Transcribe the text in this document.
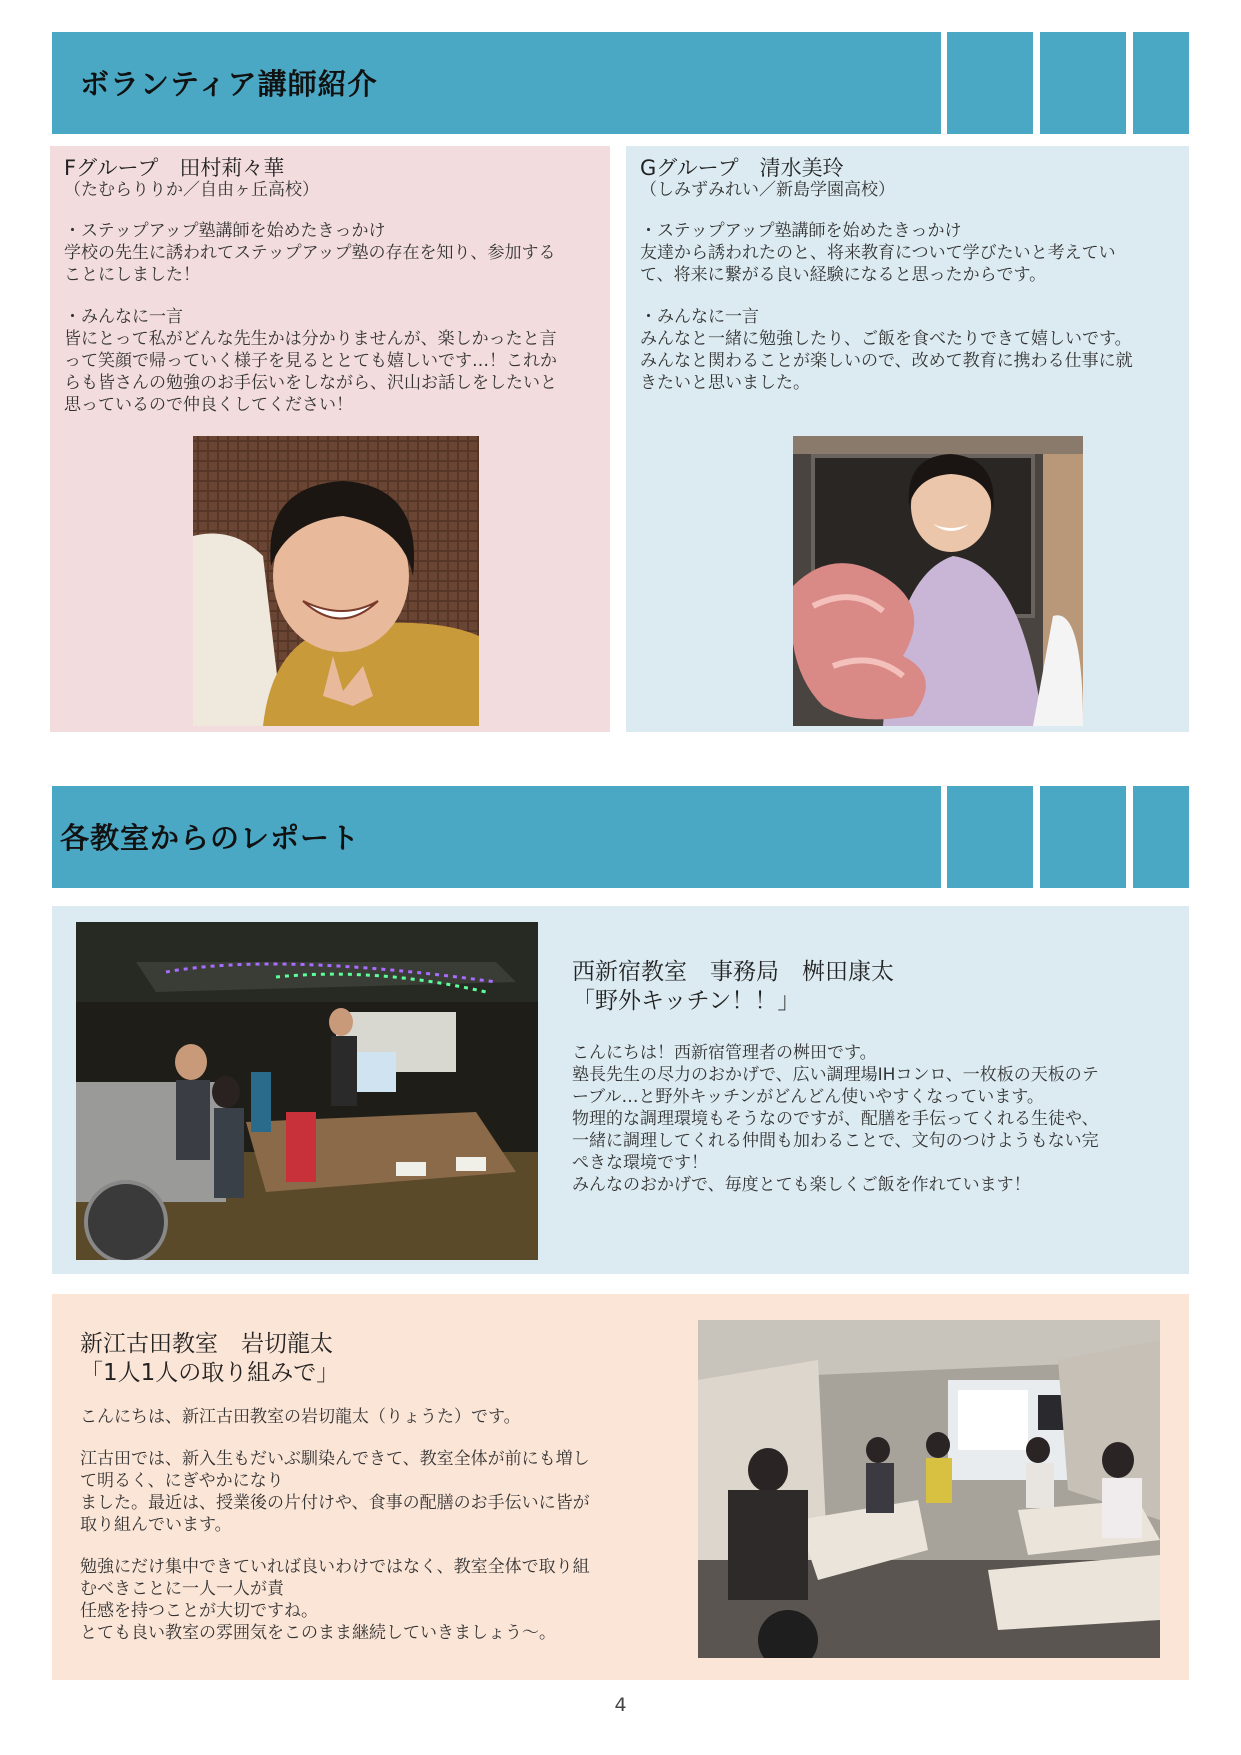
ボランティア講師紹介
Fグループ　田村莉々華
（たむらりりか／自由ヶ丘高校）
・ステップアップ塾講師を始めたきっかけ
学校の先生に誘われてステップアップ塾の存在を知り、参加する
ことにしました！
・みんなに一言
皆にとって私がどんな先生かは分かりませんが、楽しかったと言
って笑顔で帰っていく様子を見るととても嬉しいです…！これか
らも皆さんの勉強のお手伝いをしながら、沢山お話しをしたいと
思っているので仲良くしてください！
Gグループ　清水美玲
（しみずみれい／新島学園高校）
・ステップアップ塾講師を始めたきっかけ
友達から誘われたのと、将来教育について学びたいと考えてい
て、将来に繋がる良い経験になると思ったからです。
・みんなに一言
みんなと一緒に勉強したり、ご飯を食べたりできて嬉しいです。
みんなと関わることが楽しいので、改めて教育に携わる仕事に就
きたいと思いました。
各教室からのレポート
西新宿教室　事務局　桝田康太
「野外キッチン！！」
こんにちは！西新宿管理者の桝田です。
塾長先生の尽力のおかげで、広い調理場IHコンロ、一枚板の天板のテ
ーブル…と野外キッチンがどんどん使いやすくなっています。
物理的な調理環境もそうなのですが、配膳を手伝ってくれる生徒や、
一緒に調理してくれる仲間も加わることで、文句のつけようもない完
ぺきな環境です！
みんなのおかげで、毎度とても楽しくご飯を作れています！
新江古田教室　岩切龍太
「1人1人の取り組みで」
こんにちは、新江古田教室の岩切龍太（りょうた）です。
江古田では、新入生もだいぶ馴染んできて、教室全体が前にも増し
て明るく、にぎやかになり
ました。最近は、授業後の片付けや、食事の配膳のお手伝いに皆が
取り組んでいます。
勉強にだけ集中できていれば良いわけではなく、教室全体で取り組
むべきことに一人一人が責
任感を持つことが大切ですね。
とても良い教室の雰囲気をこのまま継続していきましょう〜。
4
